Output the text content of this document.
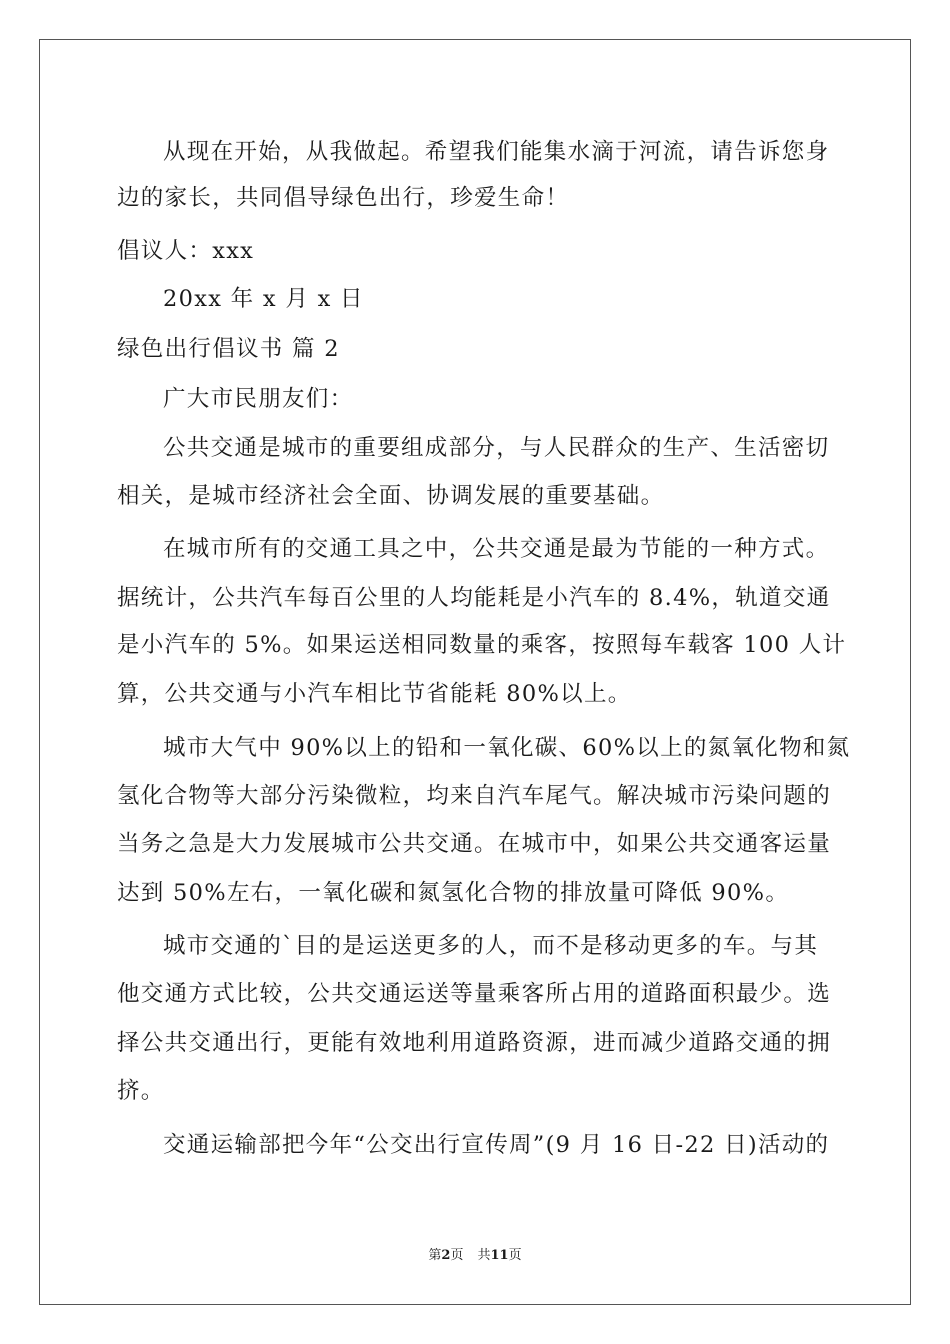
从现在开始，从我做起。希望我们能集水滴于河流，请告诉您身
边的家长，共同倡导绿色出行，珍爱生命！
倡议人：xxx
20xx 年 x 月 x 日
绿色出行倡议书 篇 2
广大市民朋友们：
公共交通是城市的重要组成部分，与人民群众的生产、生活密切
相关，是城市经济社会全面、协调发展的重要基础。
在城市所有的交通工具之中，公共交通是最为节能的一种方式。
据统计，公共汽车每百公里的人均能耗是小汽车的 8.4%，轨道交通
是小汽车的 5%。如果运送相同数量的乘客，按照每车载客 100 人计
算，公共交通与小汽车相比节省能耗 80%以上。
城市大气中 90%以上的铅和一氧化碳、60%以上的氮氧化物和氮
氢化合物等大部分污染微粒，均来自汽车尾气。解决城市污染问题的
当务之急是大力发展城市公共交通。在城市中，如果公共交通客运量
达到 50%左右，一氧化碳和氮氢化合物的排放量可降低 90%。
城市交通的`目的是运送更多的人，而不是移动更多的车。与其
他交通方式比较，公共交通运送等量乘客所占用的道路面积最少。选
择公共交通出行，更能有效地利用道路资源，进而减少道路交通的拥
挤。
交通运输部把今年“公交出行宣传周”(9 月 16 日-22 日)活动的
第2页 共11页
